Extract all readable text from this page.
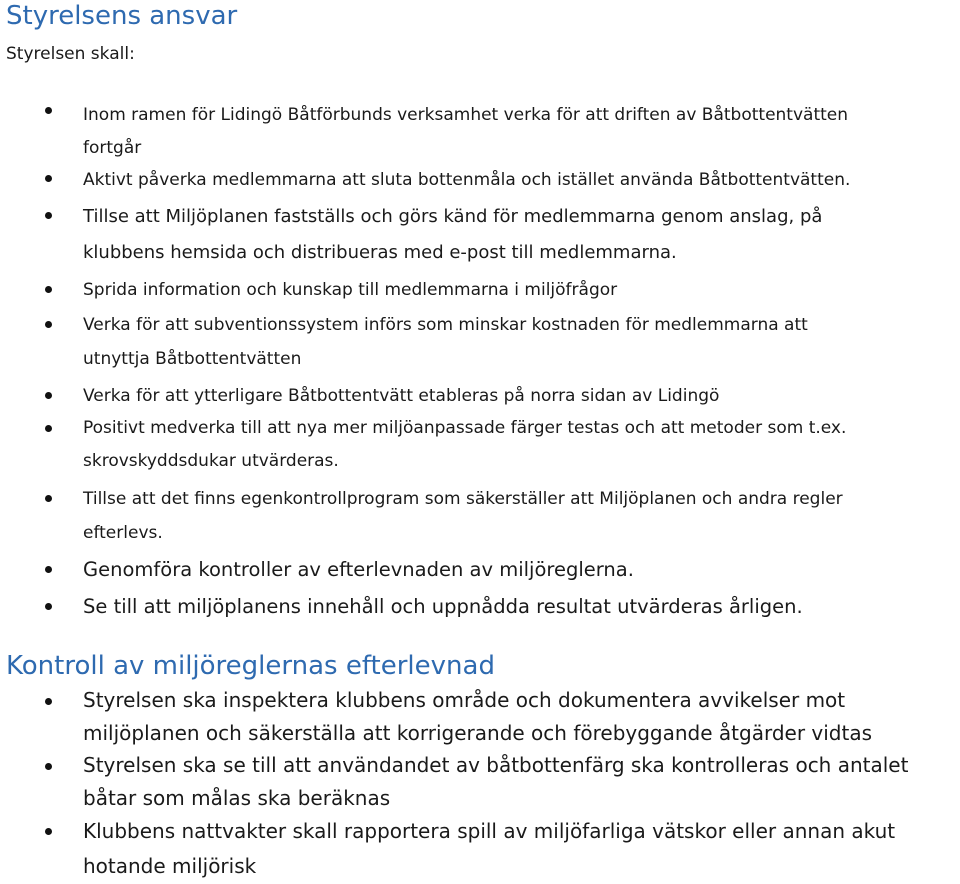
Styrelsens ansvar

Styrelsen skall:

Inom ramen för Lidingö Båtförbunds verksamhet verka för att driften av Båtbottentvätten
fortgår
Aktivt påverka medlemmarna att sluta bottenmåla och istället använda Båtbottentvätten.
Tillse att Miljöplanen fastställs och görs känd för medlemmarna genom anslag, på
klubbens hemsida och distribueras med e-post till medlemmarna.
Sprida information och kunskap till medlemmarna i miljöfrågor
Verka för att subventionssystem införs som minskar kostnaden för medlemmarna att
utnyttja Båtbottentvätten
Verka för att ytterligare Båtbottentvätt etableras på norra sidan av Lidingö
Positivt medverka till att nya mer miljöanpassade färger testas och att metoder som t.ex.
skrovskyddsdukar utvärderas.
Tillse att det finns egenkontrollprogram som säkerställer att Miljöplanen och andra regler
efterlevs.
Genomföra kontroller av efterlevnaden av miljöreglerna.
Se till att miljöplanens innehåll och uppnådda resultat utvärderas årligen.
Kontroll av miljöreglernas efterlevnad
Styrelsen ska inspektera klubbens område och dokumentera avvikelser mot
miljöplanen och säkerställa att korrigerande och förebyggande åtgärder vidtas
Styrelsen ska se till att användandet av båtbottenfärg ska kontrolleras och antalet
båtar som målas ska beräknas
Klubbens nattvakter skall rapportera spill av miljöfarliga vätskor eller annan akut
hotande miljörisk
